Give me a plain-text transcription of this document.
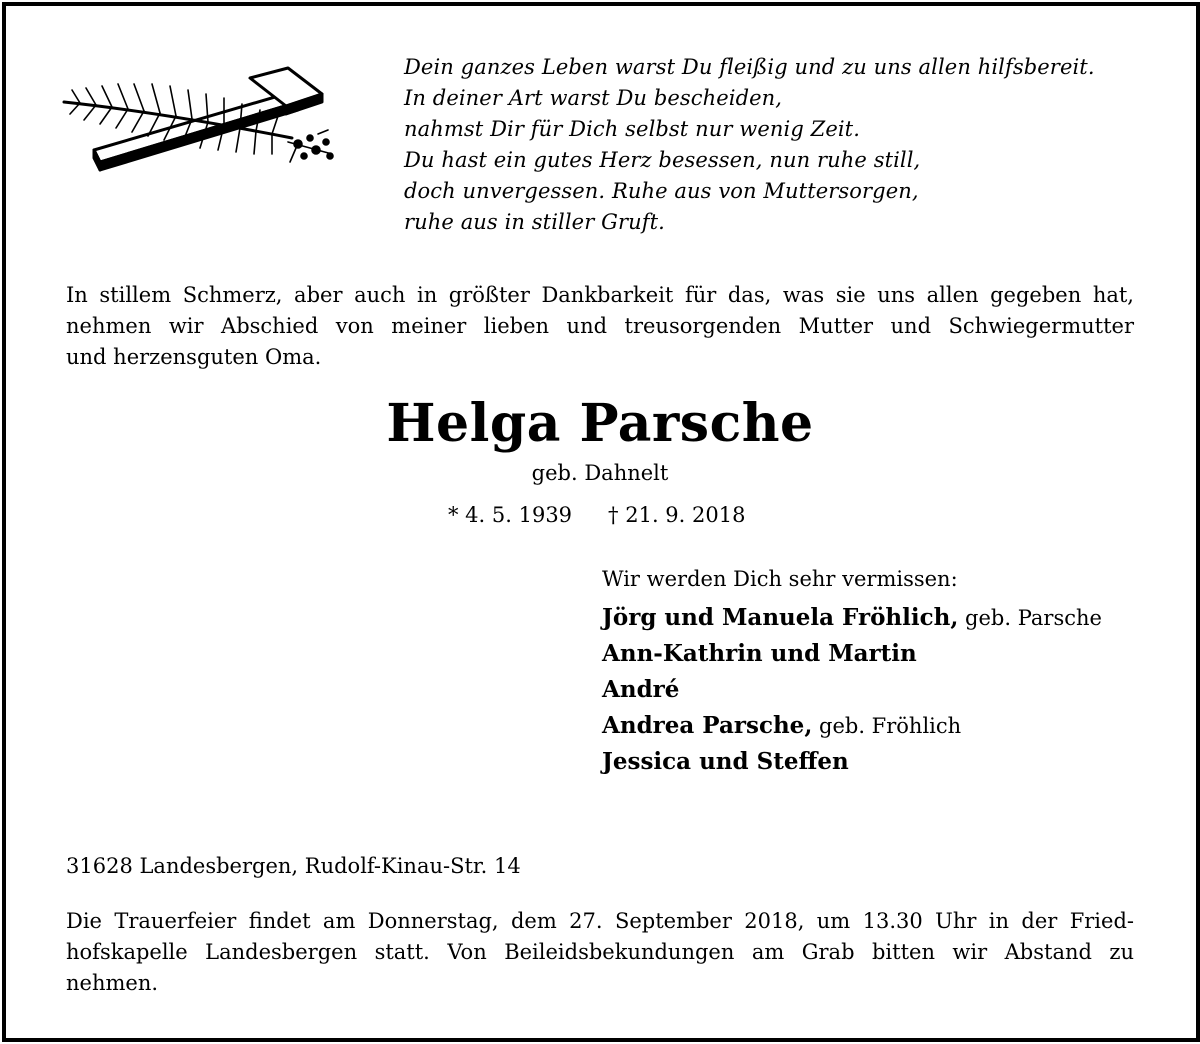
Dein ganzes Leben warst Du fleißig und zu uns allen hilfsbereit.
In deiner Art warst Du bescheiden,
nahmst Dir für Dich selbst nur wenig Zeit.
Du hast ein gutes Herz besessen, nun ruhe still,
doch unvergessen. Ruhe aus von Muttersorgen,
ruhe aus in stiller Gruft.
In stillem Schmerz, aber auch in größter Dankbarkeit für das, was sie uns allen gegeben hat,
nehmen wir Abschied von meiner lieben und treusorgenden Mutter und Schwiegermutter
und herzensguten Oma.
Helga Parsche
geb. Dahnelt
* 4. 5. 1939 † 21. 9. 2018
Wir werden Dich sehr vermissen:
Jörg und Manuela Fröhlich, geb. Parsche
Ann-Kathrin und Martin
André
Andrea Parsche, geb. Fröhlich
Jessica und Steffen
31628 Landesbergen, Rudolf-Kinau-Str. 14
Die Trauerfeier findet am Donnerstag, dem 27. September 2018, um 13.30 Uhr in der Fried-
hofskapelle Landesbergen statt. Von Beileidsbekundungen am Grab bitten wir Abstand zu
nehmen.
